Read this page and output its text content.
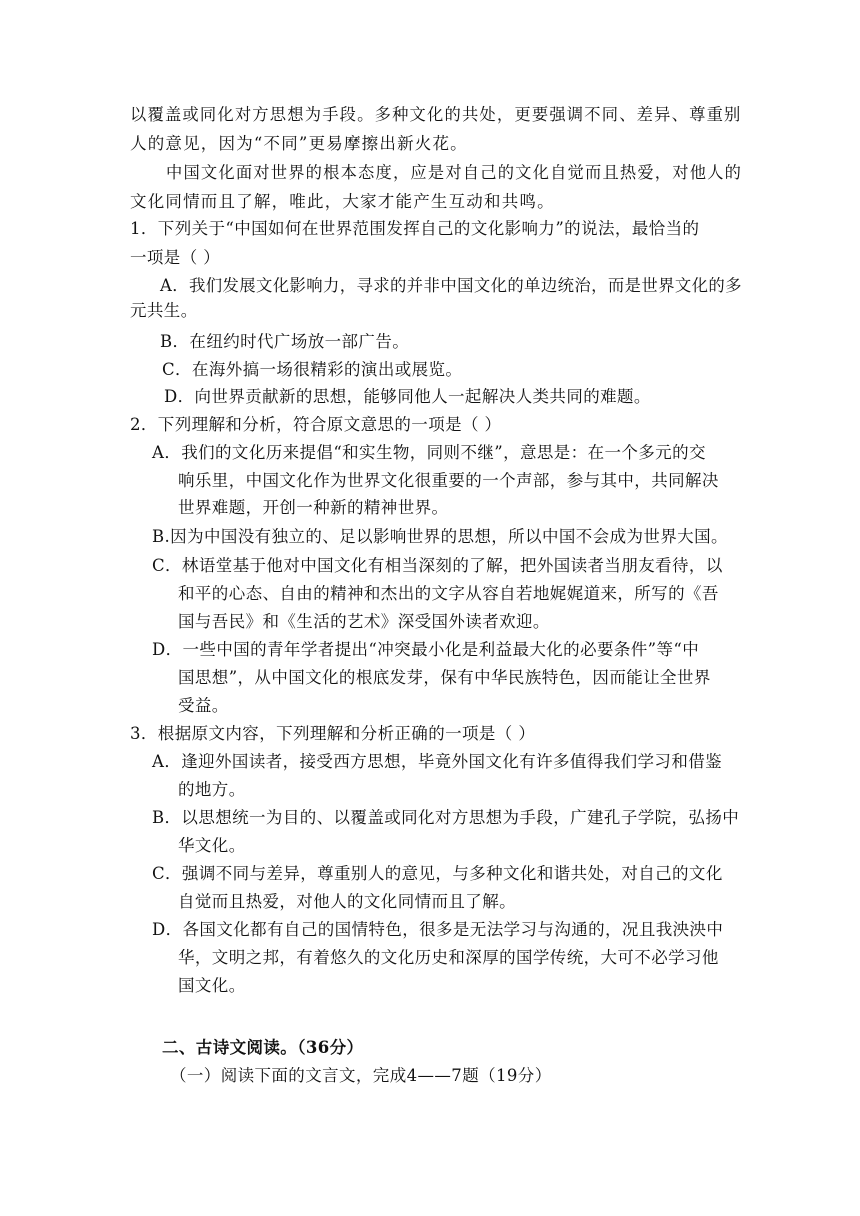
以覆盖或同化对方思想为手段。多种文化的共处，更要强调不同、差异、尊重别
人的意见，因为“不同”更易摩擦出新火花。
中国文化面对世界的根本态度，应是对自己的文化自觉而且热爱，对他人的
文化同情而且了解，唯此，大家才能产生互动和共鸣。
1．下列关于“中国如何在世界范围发挥自己的文化影响力”的说法，最恰当的
一项是（ ）
A．我们发展文化影响力，寻求的并非中国文化的单边统治，而是世界文化的多
元共生。
B．在纽约时代广场放一部广告。
C．在海外搞一场很精彩的演出或展览。
D．向世界贡献新的思想，能够同他人一起解决人类共同的难题。
2．下列理解和分析，符合原文意思的一项是（ ）
A．我们的文化历来提倡“和实生物，同则不继”，意思是：在一个多元的交
响乐里，中国文化作为世界文化很重要的一个声部，参与其中，共同解决
世界难题，开创一种新的精神世界。
B.因为中国没有独立的、足以影响世界的思想，所以中国不会成为世界大国。
C．林语堂基于他对中国文化有相当深刻的了解，把外国读者当朋友看待，以
和平的心态、自由的精神和杰出的文字从容自若地娓娓道来，所写的《吾
国与吾民》和《生活的艺术》深受国外读者欢迎。
D．一些中国的青年学者提出“冲突最小化是利益最大化的必要条件”等“中
国思想”，从中国文化的根底发芽，保有中华民族特色，因而能让全世界
受益。
3．根据原文内容，下列理解和分析正确的一项是（ ）
A．逢迎外国读者，接受西方思想，毕竟外国文化有许多值得我们学习和借鉴
的地方。
B．以思想统一为目的、以覆盖或同化对方思想为手段，广建孔子学院，弘扬中
华文化。
C．强调不同与差异，尊重别人的意见，与多种文化和谐共处，对自己的文化
自觉而且热爱，对他人的文化同情而且了解。
D．各国文化都有自己的国情特色，很多是无法学习与沟通的，况且我泱泱中
华，文明之邦，有着悠久的文化历史和深厚的国学传统，大可不必学习他
国文化。
二、古诗文阅读。（36分）
（一）阅读下面的文言文，完成4——7题（19分）
